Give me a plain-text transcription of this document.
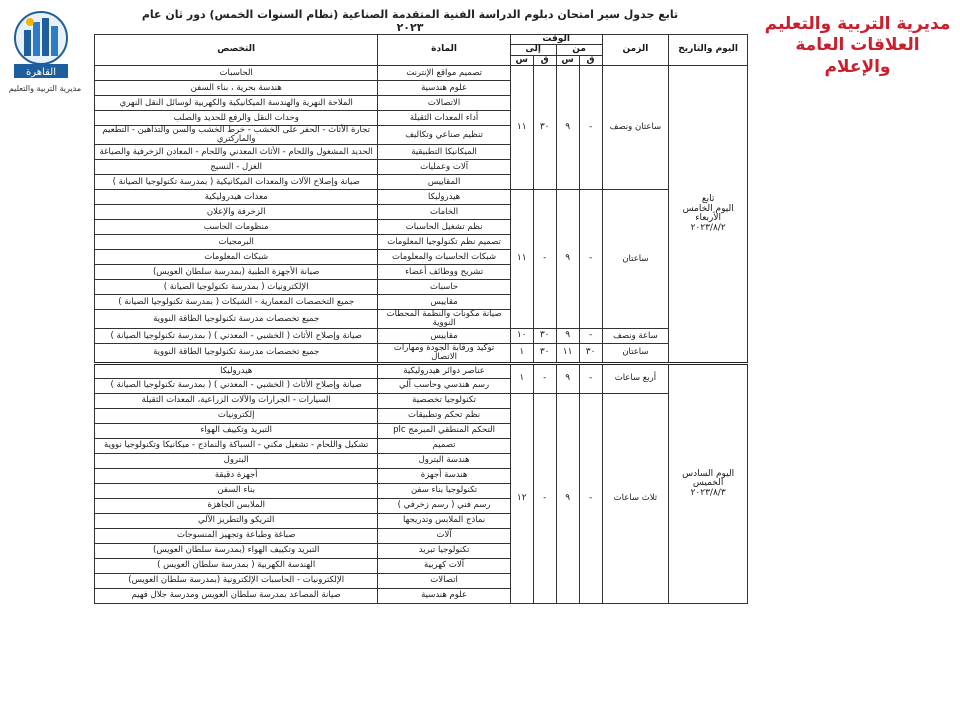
القاهرة
مديرية التربية والتعليم
مديرية التربية والتعليم
العلاقات العامة والإعلام
تابع جدول سير امتحان دبلوم الدراسة الفنية المتقدمة الصناعية (نظام السنوات الخمس) دور ثان عام ٢٠٢٣
اليوم والتاريخ	الزمن	الوقت				المادة	التخصص
		من		إلى			
		ق	س	ق	س		
تابع
اليوم الخامس
الأربعاء
٢٠٢٣/٨/٢	ساعتان ونصف	-	٩	٣٠	١١	تصميم مواقع الإنترنت	الحاسبات
						علوم هندسية	هندسة بحرية ، بناء السفن
						الاتصالات	الملاحة النهرية والهندسة الميكانيكية والكهربية لوسائل النقل النهري
						أداء المعدات الثقيلة	وحدات النقل والرفع للحديد والصلب
						تنظيم صناعي وتكاليف	تجارة الأثاث - الحفر على الخشب - خرط الخشب والسن والتذاهين - التطعيم والماركتري
						الميكانيكا التطبيقية	الحديد المشغول واللحام - الأثاث المعدني واللحام - المعادن الزخرفية والصياغة
						آلات وعمليات	الغزل - النسيج
						المقاييس	صيانة وإصلاح الآلات والمعدات الميكانيكية ( بمدرسة تكنولوجيا الصيانة )
	ساعتان	-	٩	-	١١	هيدروليكا	معدات هيدروليكية
						الخامات	الزخرفة والإعلان
						نظم تشغيل الحاسبات	منظومات الحاسب
						تصميم نظم تكنولوجيا المعلومات	البرمجيات
						شبكات الحاسبات والمعلومات	شبكات المعلومات
						تشريح ووظائف أعضاء	صيانة الأجهزة الطبية (بمدرسة سلطان العويس)
						حاسبات	الإلكترونيات ( بمدرسة تكنولوجيا الصيانة )
						مقاييس	جميع التخصصات المعمارية - الشبكات ( بمدرسة تكنولوجيا الصيانة )
						صيانة مكونات والنظمة المحطات النووية	جميع تخصصات مدرسة تكنولوجيا الطاقة النووية
	ساعة ونصف	-	٩	٣٠	١٠	مقاييس	صيانة وإصلاح الأثاث ( الخشبي - المعدني ) ( بمدرسة تكنولوجيا الصيانة )
	ساعتان	٣٠	١١	٣٠	١	توكيد ورقابة الجودة ومهارات الاتصال	جميع تخصصات مدرسة تكنولوجيا الطاقة النووية
اليوم السادس
الخميس
٢٠٢٣/٨/٣	أربع ساعات	-	٩	-	١	عناصر دوائر هيدروليكية	هيدروليكا
						رسم هندسي وحاسب آلي	صيانة وإصلاح الأثاث ( الخشبي - المعدني ) ( بمدرسة تكنولوجيا الصيانة )
	ثلاث ساعات	-	٩	-	١٢	تكنولوجيا تخصصية	السيارات - الجرارات والآلات الزراعية، المعدات الثقيلة
						نظم تحكم وتطبيقات	إلكترونيات
						التحكم المنطقي المبرمج plc	التبريد وتكييف الهواء
						تصميم	تشكيل واللحام - تشغيل مكني - السباكة والنماذج - ميكانيكا وتكنولوجيا نووية
						هندسة البترول	البترول
						هندسة أجهزة	أجهزة دقيقة
						تكنولوجيا بناء سفن	بناء السفن
						رسم فني ( رسم زخرفي )	الملابس الجاهزة
						نماذج الملابس وتدريجها	التريكو والتطريز الآلي
						آلات	صباغة وطباعة وتجهيز المنسوجات
						تكنولوجيا تبريد	التبريد وتكييف الهواء (بمدرسة سلطان العويس)
						آلات كهربية	الهندسة الكهربية ( بمدرسة سلطان العويس )
						اتصالات	الإلكترونيات - الحاسبات الإلكترونية (بمدرسة سلطان العويس)
						علوم هندسية	صيانة المصاعد بمدرسة سلطان العويس ومدرسة جلال فهيم
